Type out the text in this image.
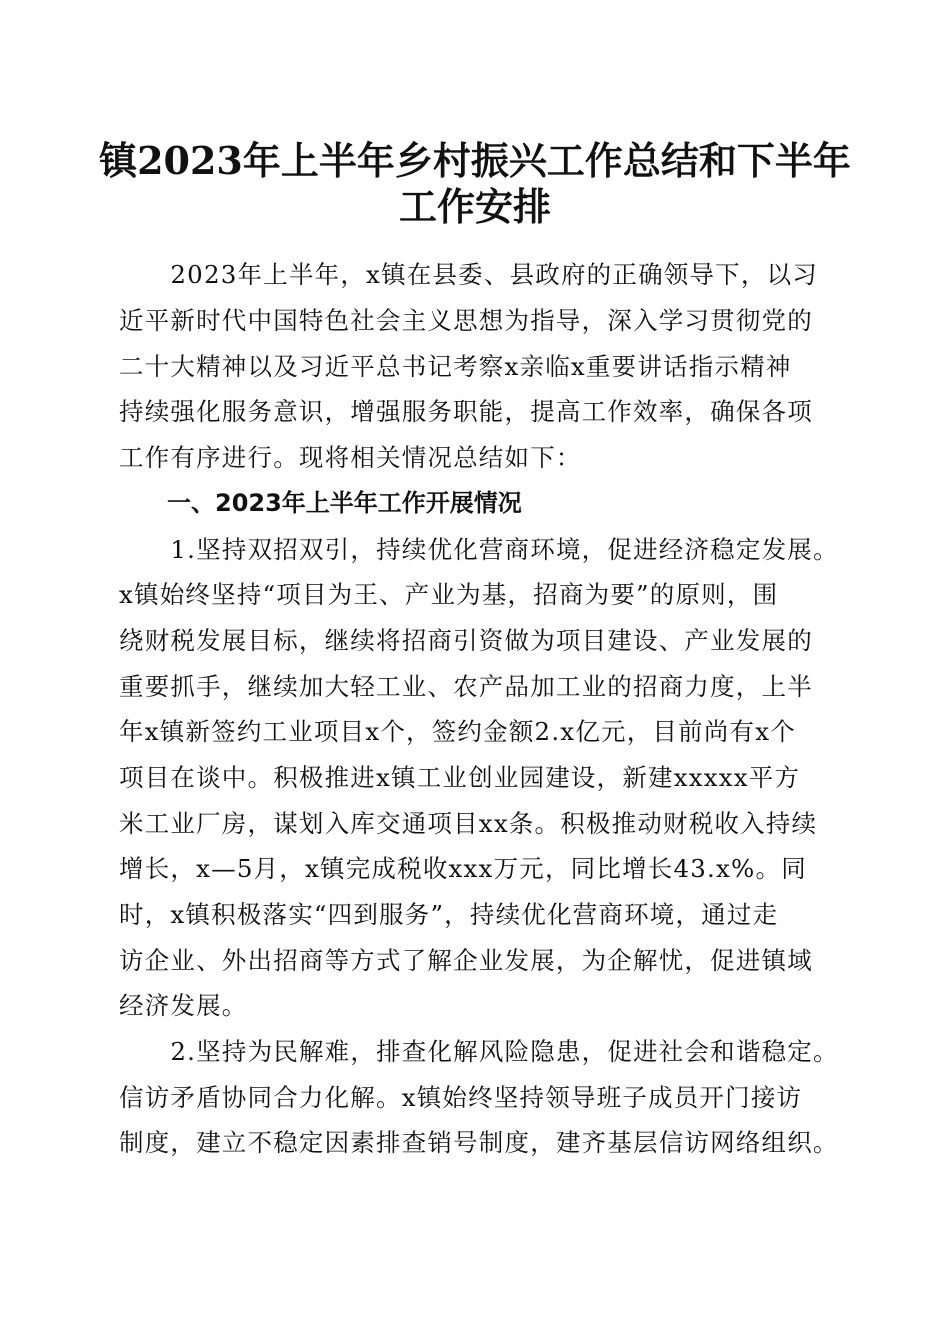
镇2023年上半年乡村振兴工作总结和下半年
工作安排

　　2023年上半年，x镇在县委、县政府的正确领导下，以习

近平新时代中国特色社会主义思想为指导，深入学习贯彻党的

二十大精神以及习近平总书记考察x亲临x重要讲话指示精神

持续强化服务意识，增强服务职能，提高工作效率，确保各项

工作有序进行。现将相关情况总结如下：

一、2023年上半年工作开展情况

　　1.坚持双招双引，持续优化营商环境，促进经济稳定发展。

x镇始终坚持“项目为王、产业为基，招商为要”的原则，围

绕财税发展目标，继续将招商引资做为项目建设、产业发展的

重要抓手，继续加大轻工业、农产品加工业的招商力度，上半

年x镇新签约工业项目x个，签约金额2.x亿元，目前尚有x个

项目在谈中。积极推进x镇工业创业园建设，新建xxxxx平方

米工业厂房，谋划入库交通项目xx条。积极推动财税收入持续

增长，x—5月，x镇完成税收xxx万元，同比增长43.x%。同

时，x镇积极落实“四到服务”，持续优化营商环境，通过走

访企业、外出招商等方式了解企业发展，为企解忧，促进镇域

经济发展。

　　2.坚持为民解难，排查化解风险隐患，促进社会和谐稳定。

信访矛盾协同合力化解。x镇始终坚持领导班子成员开门接访

制度，建立不稳定因素排查销号制度，建齐基层信访网络组织。
